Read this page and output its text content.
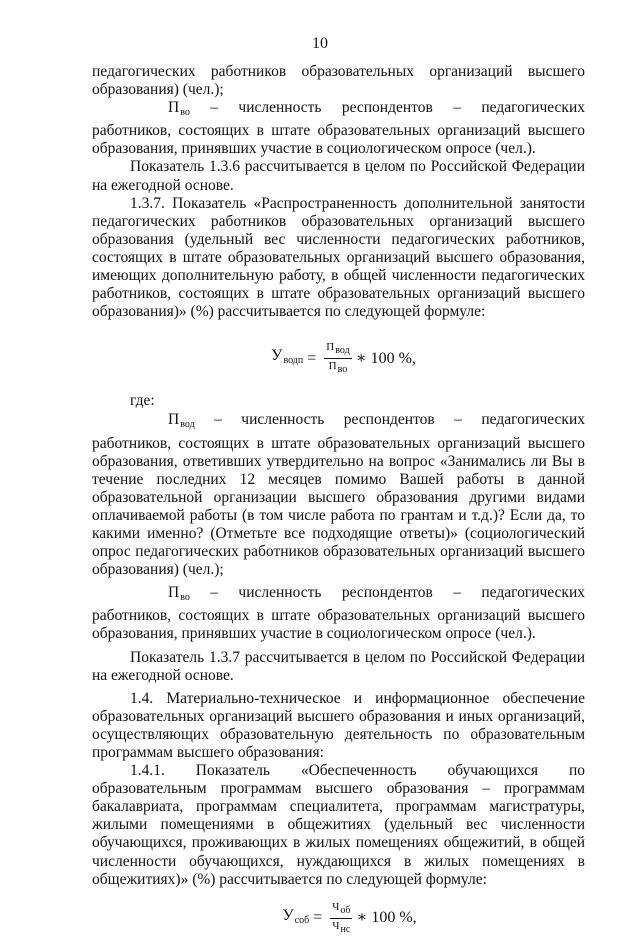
10

педагогических работников образовательных организаций высшего образования) (чел.);

$П_{во}$ – численность респондентов – педагогических работников, состоящих в штате образовательных организаций высшего образования, принявших участие в социологическом опросе (чел.).

Показатель 1.3.6 рассчитывается в целом по Российской Федерации на ежегодной основе.

1.3.7. Показатель «Распространенность дополнительной занятости педагогических работников образовательных организаций высшего образования (удельный вес численности педагогических работников, состоящих в штате образовательных организаций высшего образования, имеющих дополнительную работу, в общей численности педагогических работников, состоящих в штате образовательных организаций высшего образования)» (%) рассчитывается по следующей формуле:

$У_{водп} = \frac{\text{Пвод}}{\text{Пво}}$ ∗ 100 %,

где:

$П_{вод}$ – численность респондентов – педагогических работников, состоящих в штате образовательных организаций высшего образования, ответивших утвердительно на вопрос «Занимались ли Вы в течение последних 12 месяцев помимо Вашей работы в данной образовательной организации высшего образования другими видами оплачиваемой работы (в том числе работа по грантам и т.д.)? Если да, то какими именно? (Отметьте все подходящие ответы)» (социологический опрос педагогических работников образовательных организаций высшего образования) (чел.);

$П_{во}$ – численность респондентов – педагогических работников, состоящих в штате образовательных организаций высшего образования, принявших участие в социологическом опросе (чел.).

Показатель 1.3.7 рассчитывается в целом по Российской Федерации на ежегодной основе.

1.4. Материально-техническое и информационное обеспечение образовательных организаций высшего образования и иных организаций, осуществляющих образовательную деятельность по образовательным программам высшего образования:

1.4.1. Показатель «Обеспеченность обучающихся по образовательным программам высшего образования – программам бакалавриата, программам специалитета, программам магистратуры, жилыми помещениями в общежитиях (удельный вес численности обучающихся, проживающих в жилых помещениях общежитий, в общей численности обучающихся, нуждающихся в жилых помещениях в общежитиях)» (%) рассчитывается по следующей формуле:

$У_{соб} = \frac{\text{Чоб}}{\text{Чнс}}$ ∗ 100 %,
